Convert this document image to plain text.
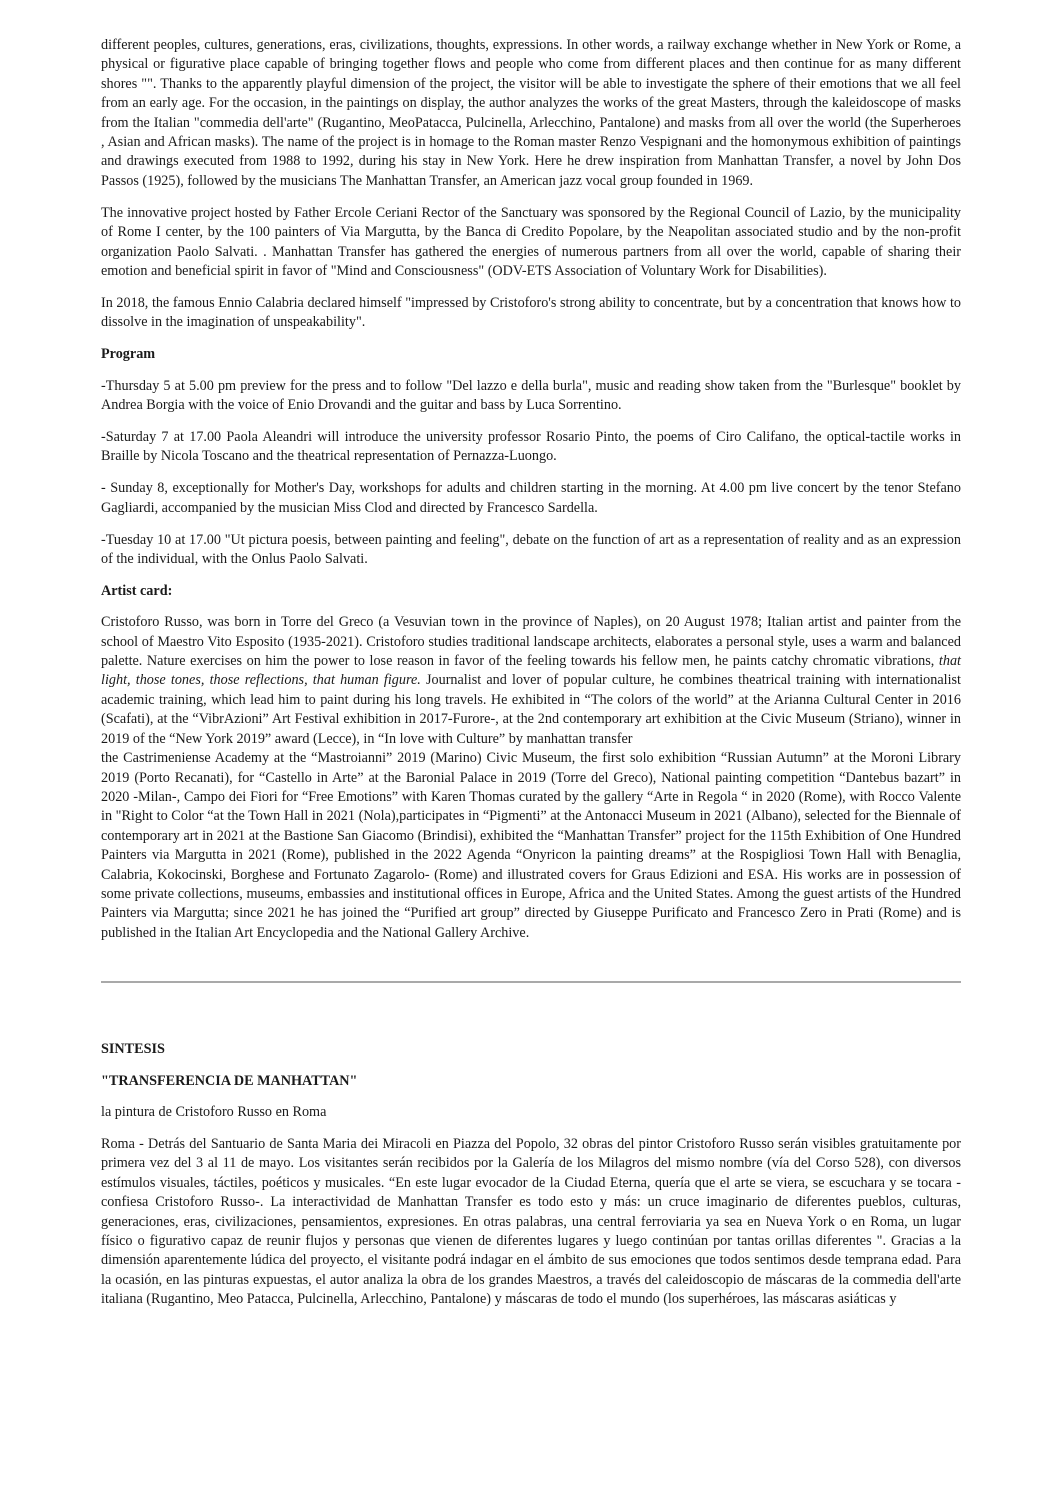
different peoples, cultures, generations, eras, civilizations, thoughts, expressions. In other words, a railway exchange whether in New York or Rome, a physical or figurative place capable of bringing together flows and people who come from different places and then continue for as many different shores "". Thanks to the apparently playful dimension of the project, the visitor will be able to investigate the sphere of their emotions that we all feel from an early age. For the occasion, in the paintings on display, the author analyzes the works of the great Masters, through the kaleidoscope of masks from the Italian "commedia dell'arte" (Rugantino, MeoPatacca, Pulcinella, Arlecchino, Pantalone) and masks from all over the world (the Superheroes , Asian and African masks). The name of the project is in homage to the Roman master Renzo Vespignani and the homonymous exhibition of paintings and drawings executed from 1988 to 1992, during his stay in New York. Here he drew inspiration from Manhattan Transfer, a novel by John Dos Passos (1925), followed by the musicians The Manhattan Transfer, an American jazz vocal group founded in 1969.

The innovative project hosted by Father Ercole Ceriani Rector of the Sanctuary was sponsored by the Regional Council of Lazio, by the municipality of Rome I center, by the 100 painters of Via Margutta, by the Banca di Credito Popolare, by the Neapolitan associated studio and by the non-profit organization Paolo Salvati. . Manhattan Transfer has gathered the energies of numerous partners from all over the world, capable of sharing their emotion and beneficial spirit in favor of "Mind and Consciousness" (ODV-ETS Association of Voluntary Work for Disabilities).

In 2018, the famous Ennio Calabria declared himself "impressed by Cristoforo's strong ability to concentrate, but by a concentration that knows how to dissolve in the imagination of unspeakability".

Program

-Thursday 5 at 5.00 pm preview for the press and to follow "Del lazzo e della burla", music and reading show taken from the "Burlesque" booklet by Andrea Borgia with the voice of Enio Drovandi and the guitar and bass by Luca Sorrentino.

-Saturday 7 at 17.00 Paola Aleandri will introduce the university professor Rosario Pinto, the poems of Ciro Califano, the optical-tactile works in Braille by Nicola Toscano and the theatrical representation of Pernazza-Luongo.

- Sunday 8, exceptionally for Mother's Day, workshops for adults and children starting in the morning. At 4.00 pm live concert by the tenor Stefano Gagliardi, accompanied by the musician Miss Clod and directed by Francesco Sardella.

-Tuesday 10 at 17.00 "Ut pictura poesis, between painting and feeling", debate on the function of art as a representation of reality and as an expression of the individual, with the Onlus Paolo Salvati.

Artist card:

Cristoforo Russo, was born in Torre del Greco (a Vesuvian town in the province of Naples), on 20 August 1978; Italian artist and painter from the school of Maestro Vito Esposito (1935-2021). Cristoforo studies traditional landscape architects, elaborates a personal style, uses a warm and balanced palette. Nature exercises on him the power to lose reason in favor of the feeling towards his fellow men, he paints catchy chromatic vibrations, that light, those tones, those reflections, that human figure. Journalist and lover of popular culture, he combines theatrical training with internationalist academic training, which lead him to paint during his long travels. He exhibited in “The colors of the world” at the Arianna Cultural Center in 2016 (Scafati), at the “VibrAzioni” Art Festival exhibition in 2017-Furore-, at the 2nd contemporary art exhibition at the Civic Museum (Striano), winner in 2019 of the “New York 2019” award (Lecce), in “In love with Culture” by manhattan transfer
the Castrimeniense Academy at the “Mastroianni” 2019 (Marino) Civic Museum, the first solo exhibition “Russian Autumn” at the Moroni Library 2019 (Porto Recanati), for “Castello in Arte” at the Baronial Palace in 2019 (Torre del Greco), National painting competition “Dantebus bazart” in 2020 -Milan-, Campo dei Fiori for “Free Emotions” with Karen Thomas curated by the gallery “Arte in Regola “ in 2020 (Rome), with Rocco Valente in "Right to Color “at the Town Hall in 2021 (Nola),participates in “Pigmenti” at the Antonacci Museum in 2021 (Albano), selected for the Biennale of contemporary art in 2021 at the Bastione San Giacomo (Brindisi), exhibited the “Manhattan Transfer” project for the 115th Exhibition of One Hundred Painters via Margutta in 2021 (Rome), published in the 2022 Agenda “Onyricon la painting dreams” at the Rospigliosi Town Hall with Benaglia, Calabria, Kokocinski, Borghese and Fortunato Zagarolo- (Rome) and illustrated covers for Graus Edizioni and ESA. His works are in possession of some private collections, museums, embassies and institutional offices in Europe, Africa and the United States. Among the guest artists of the Hundred Painters via Margutta; since 2021 he has joined the “Purified art group” directed by Giuseppe Purificato and Francesco Zero in Prati (Rome) and is published in the Italian Art Encyclopedia and the National Gallery Archive.

SINTESIS

"TRANSFERENCIA DE MANHATTAN"

la pintura de Cristoforo Russo en Roma

Roma - Detrás del Santuario de Santa Maria dei Miracoli en Piazza del Popolo, 32 obras del pintor Cristoforo Russo serán visibles gratuitamente por primera vez del 3 al 11 de mayo. Los visitantes serán recibidos por la Galería de los Milagros del mismo nombre (vía del Corso 528), con diversos estímulos visuales, táctiles, poéticos y musicales. “En este lugar evocador de la Ciudad Eterna, quería que el arte se viera, se escuchara y se tocara -confiesa Cristoforo Russo-. La interactividad de Manhattan Transfer es todo esto y más: un cruce imaginario de diferentes pueblos, culturas, generaciones, eras, civilizaciones, pensamientos, expresiones. En otras palabras, una central ferroviaria ya sea en Nueva York o en Roma, un lugar físico o figurativo capaz de reunir flujos y personas que vienen de diferentes lugares y luego continúan por tantas orillas diferentes ". Gracias a la dimensión aparentemente lúdica del proyecto, el visitante podrá indagar en el ámbito de sus emociones que todos sentimos desde temprana edad. Para la ocasión, en las pinturas expuestas, el autor analiza la obra de los grandes Maestros, a través del caleidoscopio de máscaras de la commedia dell'arte italiana (Rugantino, Meo Patacca, Pulcinella, Arlecchino, Pantalone) y máscaras de todo el mundo (los superhéroes, las máscaras asiáticas y
